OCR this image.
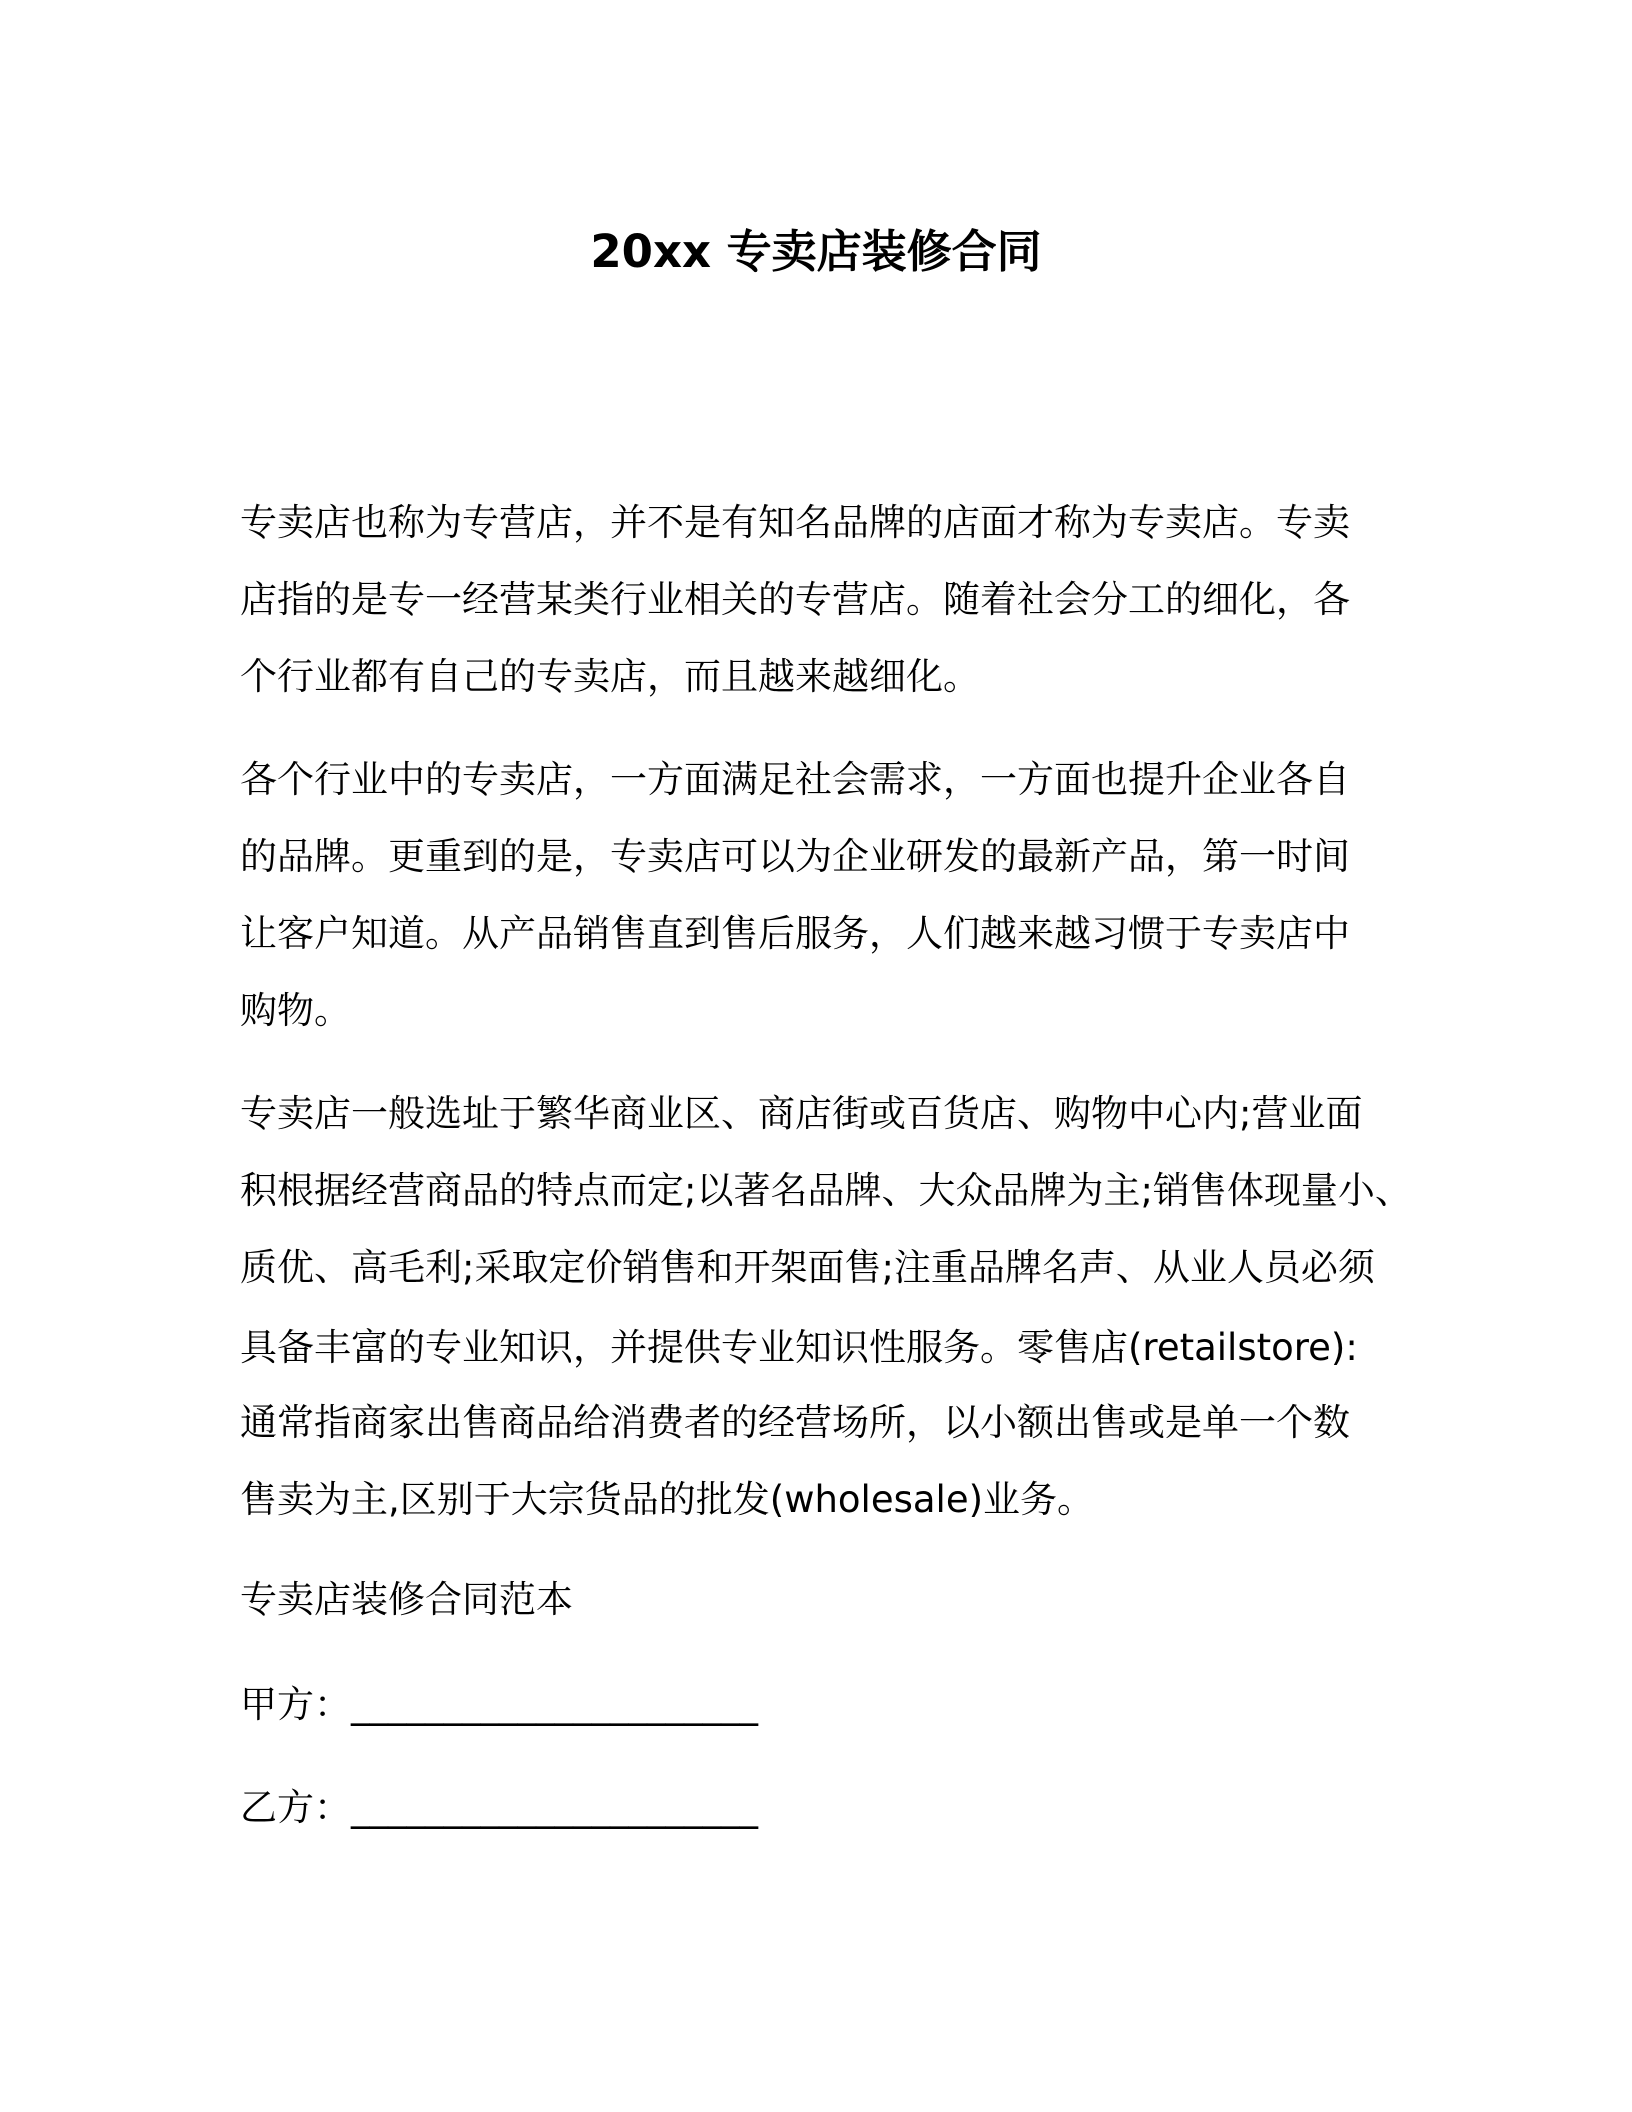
20xx 专卖店装修合同

专卖店也称为专营店，并不是有知名品牌的店面才称为专卖店。专卖

店指的是专一经营某类行业相关的专营店。随着社会分工的细化，各

个行业都有自己的专卖店，而且越来越细化。

各个行业中的专卖店，一方面满足社会需求，一方面也提升企业各自

的品牌。更重到的是，专卖店可以为企业研发的最新产品，第一时间

让客户知道。从产品销售直到售后服务，人们越来越习惯于专卖店中

购物。

专卖店一般选址于繁华商业区、商店街或百货店、购物中心内;营业面

积根据经营商品的特点而定;以著名品牌、大众品牌为主;销售体现量小、

质优、高毛利;采取定价销售和开架面售;注重品牌名声、从业人员必须

具备丰富的专业知识，并提供专业知识性服务。零售店(retailstore):

通常指商家出售商品给消费者的经营场所，以小额出售或是单一个数

售卖为主,区别于大宗货品的批发(wholesale)业务。

专卖店装修合同范本

甲方：______________________

乙方：______________________
